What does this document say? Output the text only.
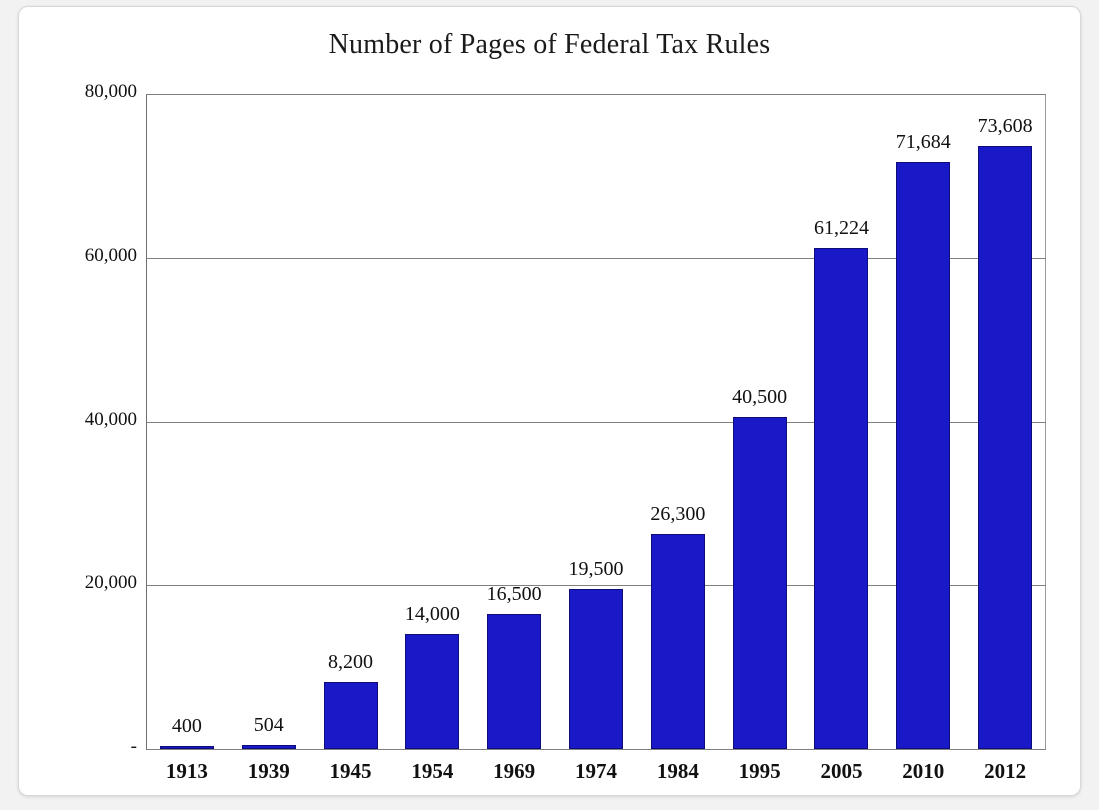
Number of Pages of Federal Tax Rules
-
20,000
40,000
60,000
80,000
400	504
8,200
14,000
16,500
19,500
26,300
40,500
61,224
71,684
73,608
1913	1939	1945	1954	1969	1974	1984	1995	2005	2010	2012
